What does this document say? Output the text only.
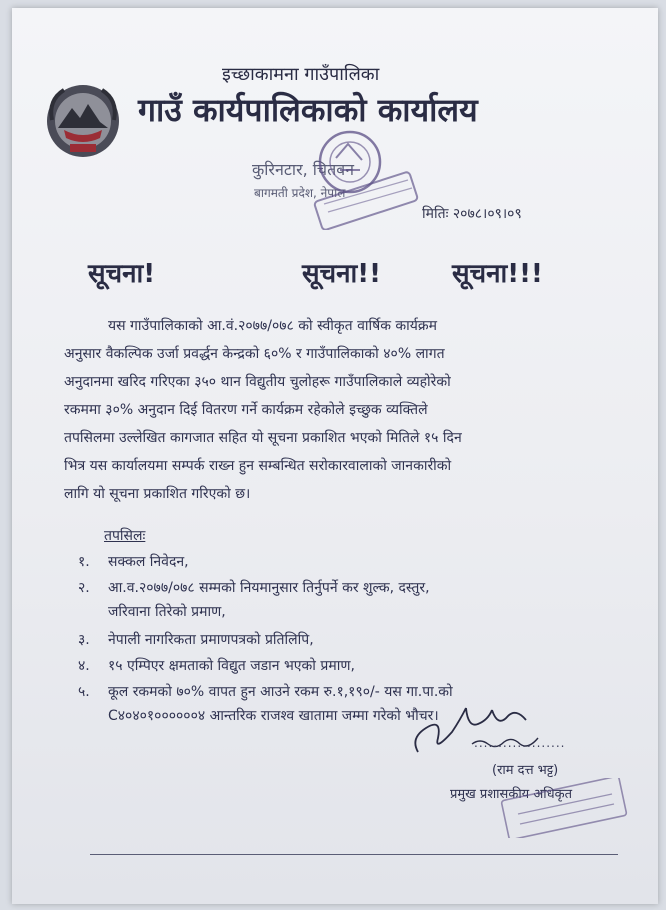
इच्छाकामना गाउँपालिका
गाउँ कार्यपालिकाको कार्यालय
कुरिनटार, चितवन
बागमती प्रदेश, नेपाल
मितिः २०७८।०९।०९
सूचना!	सूचना!!	सूचना!!!
यस गाउँपालिकाको आ.वं.२०७७/०७८ को स्वीकृत वार्षिक कार्यक्रम
अनुसार वैकल्पिक उर्जा प्रवर्द्धन केन्द्रको ६०% र गाउँपालिकाको ४०% लागत
अनुदानमा खरिद गरिएका ३५० थान विद्युतीय चुलोहरू गाउँपालिकाले व्यहोरेको
रकममा ३०% अनुदान दिई वितरण गर्ने कार्यक्रम रहेकोले इच्छुक व्यक्तिले
तपसिलमा उल्लेखित कागजात सहित यो सूचना प्रकाशित भएको मितिले १५ दिन
भित्र यस कार्यालयमा सम्पर्क राख्न हुन सम्बन्धित सरोकारवालाको जानकारीको
लागि यो सूचना प्रकाशित गरिएको छ।
तपसिलः
१. सक्कल निवेदन,
२. आ.व.२०७७/०७८ सम्मको नियमानुसार तिर्नुपर्ने कर शुल्क, दस्तुर,
जरिवाना तिरेको प्रमाण,
३. नेपाली नागरिकता प्रमाणपत्रको प्रतिलिपि,
४. १५ एम्पिएर क्षमताको विद्युत जडान भएको प्रमाण,
५. कूल रकमको ७०% वापत हुन आउने रकम रु.१,१९०/- यस गा.पा.को
C४०४०१००००००४ आन्तरिक राजश्व खातामा जम्मा गरेको भौचर।
...................
(राम दत्त भट्ट)
प्रमुख प्रशासकीय अधिकृत
